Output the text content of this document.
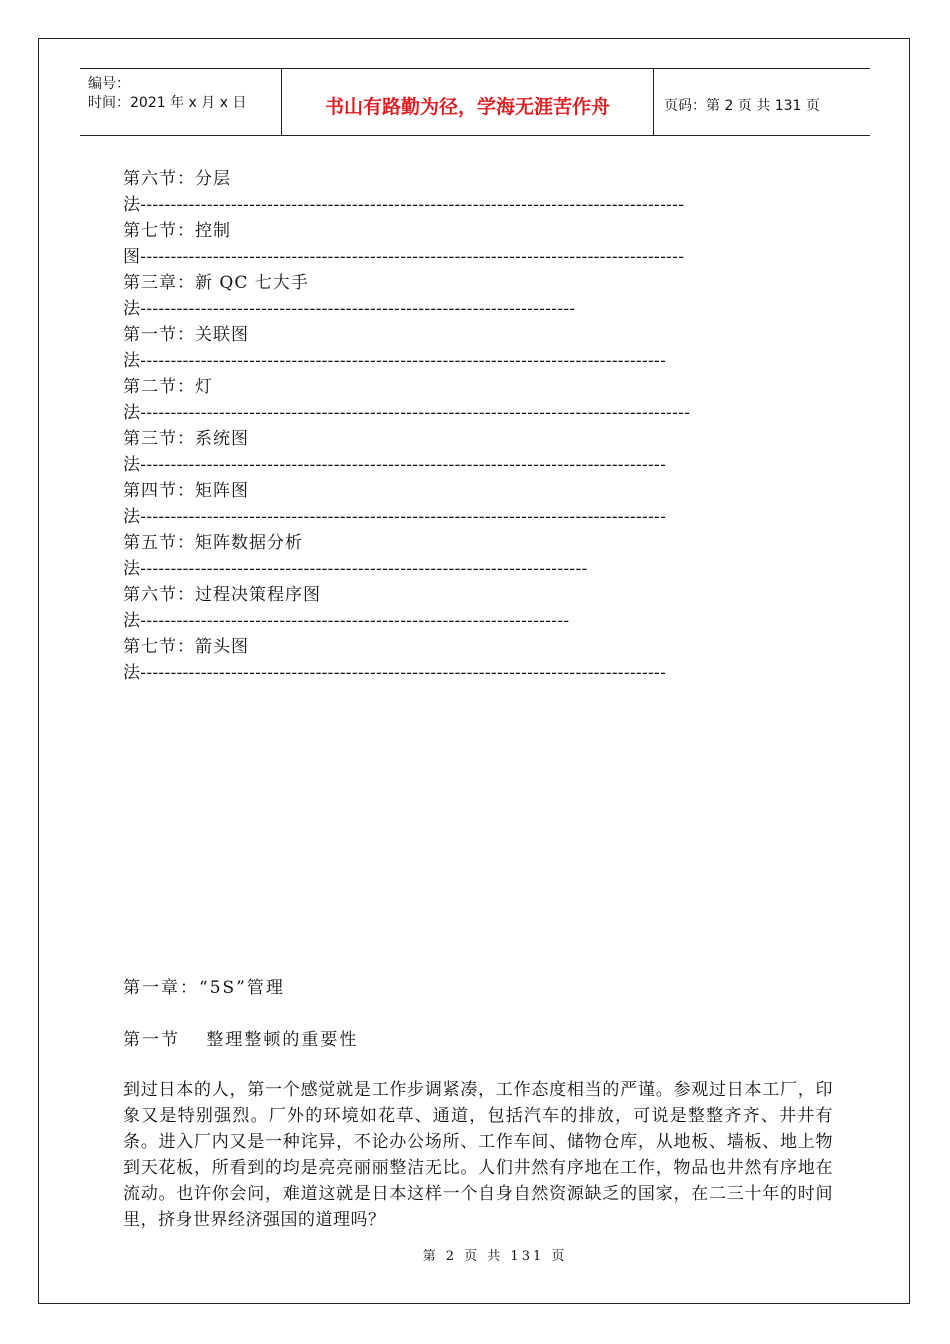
编号：
时间：2021 年 x 月 x 日	书山有路勤为径，学海无涯苦作舟	页码：第 2 页 共 131 页
第六节：分层
法------------------------------------------------------------------------------------------
第七节：控制
图------------------------------------------------------------------------------------------
第三章：新 QC 七大手
法------------------------------------------------------------------------
第一节：关联图
法---------------------------------------------------------------------------------------
第二节：灯
法-------------------------------------------------------------------------------------------
第三节：系统图
法---------------------------------------------------------------------------------------
第四节：矩阵图
法---------------------------------------------------------------------------------------
第五节：矩阵数据分析
法--------------------------------------------------------------------------
第六节：过程决策程序图
法-----------------------------------------------------------------------
第七节：箭头图
法---------------------------------------------------------------------------------------
第一章：“5S”管理
第一节　 整理整顿的重要性
到过日本的人，第一个感觉就是工作步调紧凑，工作态度相当的严谨。参观过日本工厂，印象又是特别强烈。厂外的环境如花草、通道，包括汽车的排放，可说是整整齐齐、井井有条。进入厂内又是一种诧异，不论办公场所、工作车间、储物仓库，从地板、墙板、地上物到天花板，所看到的均是亮亮丽丽整洁无比。人们井然有序地在工作，物品也井然有序地在流动。也许你会问，难道这就是日本这样一个自身自然资源缺乏的国家，在二三十年的时间里，挤身世界经济强国的道理吗？
第 2 页 共 131 页
